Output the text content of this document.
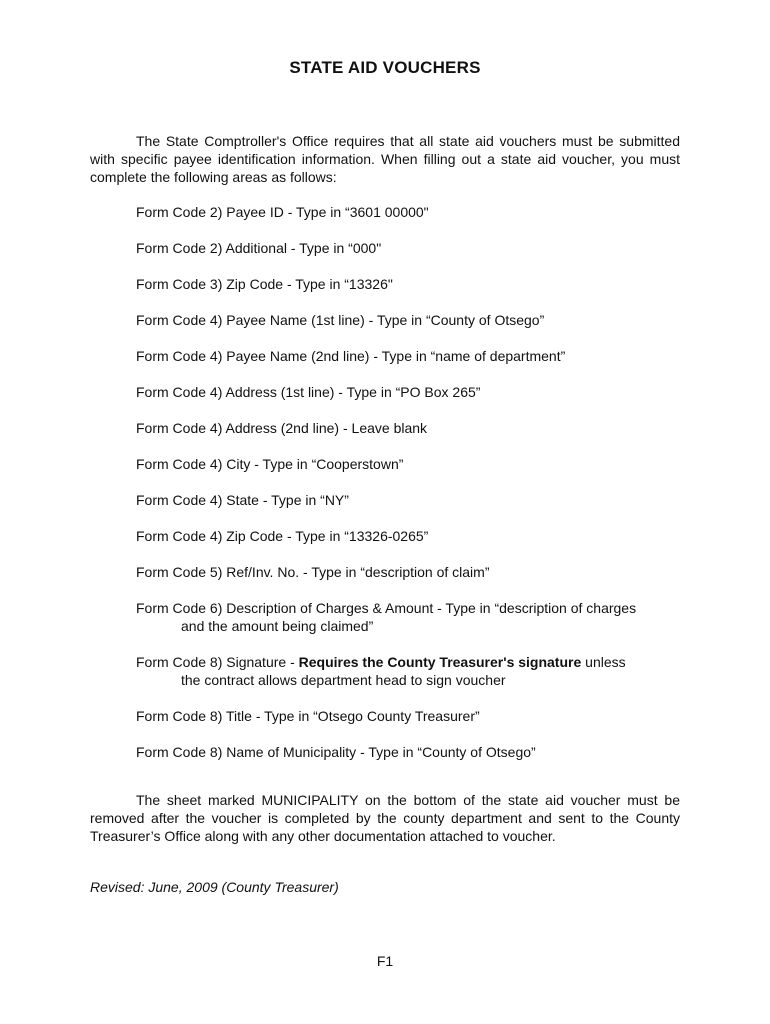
STATE AID VOUCHERS

The State Comptroller's Office requires that all state aid vouchers must be submitted with specific payee identification information. When filling out a state aid voucher, you must complete the following areas as follows:

Form Code 2) Payee ID - Type in “3601 00000"
Form Code 2) Additional - Type in “000"
Form Code 3) Zip Code - Type in “13326"
Form Code 4) Payee Name (1st line) - Type in “County of Otsego”
Form Code 4) Payee Name (2nd line) - Type in “name of department”
Form Code 4) Address (1st line) - Type in “PO Box 265”
Form Code 4) Address (2nd line) - Leave blank
Form Code 4) City - Type in “Cooperstown”
Form Code 4) State - Type in “NY”
Form Code 4) Zip Code - Type in “13326-0265”
Form Code 5) Ref/Inv. No. - Type in “description of claim”
Form Code 6) Description of Charges & Amount - Type in “description of charges
and the amount being claimed”
Form Code 8) Signature - Requires the County Treasurer's signature unless
the contract allows department head to sign voucher
Form Code 8) Title - Type in “Otsego County Treasurer”
Form Code 8) Name of Municipality - Type in “County of Otsego”

The sheet marked MUNICIPALITY on the bottom of the state aid voucher must be removed after the voucher is completed by the county department and sent to the County Treasurer’s Office along with any other documentation attached to voucher.

Revised: June, 2009 (County Treasurer)
F1
